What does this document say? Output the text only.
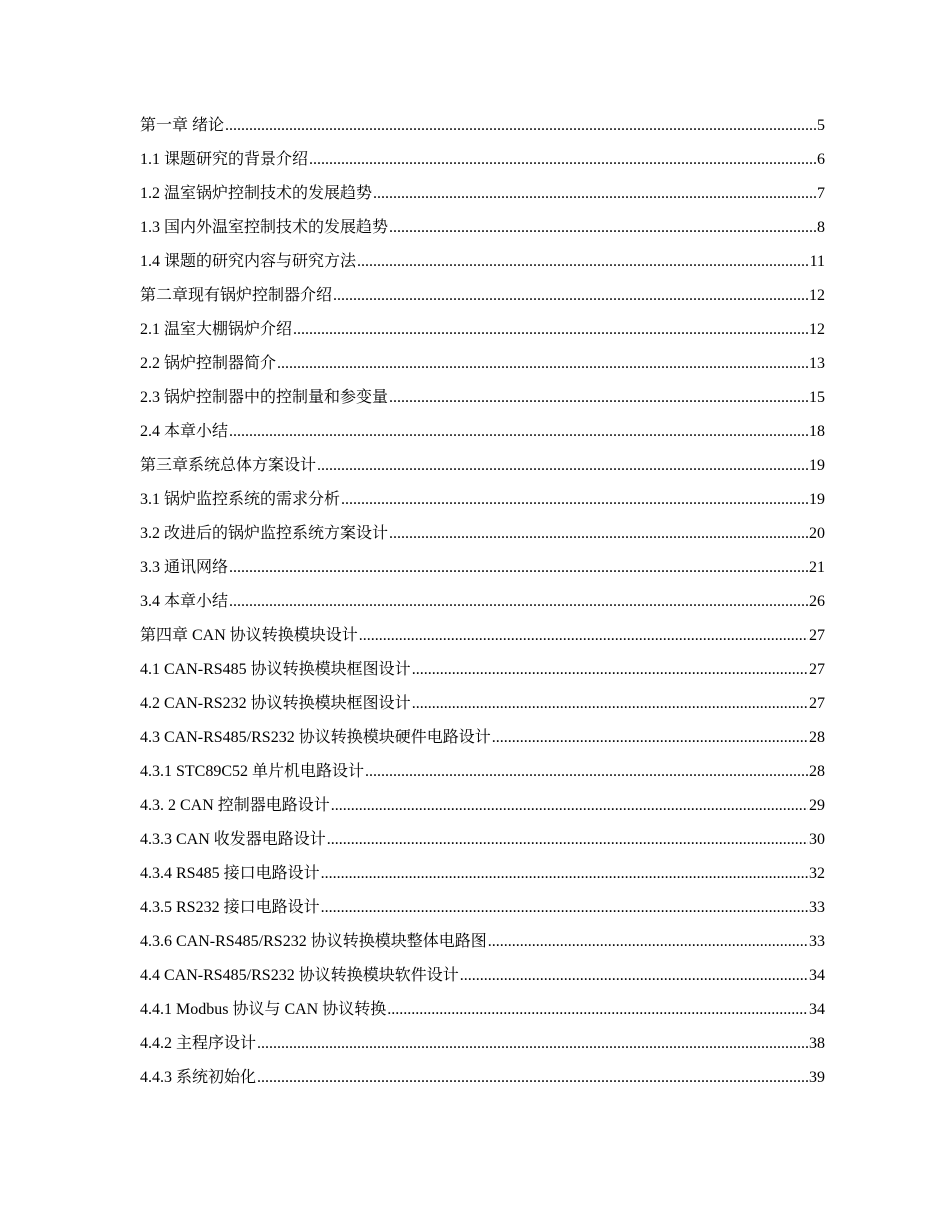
第一章 绪论 .....	5
1.1 课题研究的背景介绍 .....	6
1.2 温室锅炉控制技术的发展趋势 .....	7
1.3 国内外温室控制技术的发展趋势 .....	8
1.4 课题的研究内容与研究方法 .....	11
第二章现有锅炉控制器介绍 .....	12
2.1 温室大棚锅炉介绍 .....	12
2.2 锅炉控制器简介 .....	13
2.3 锅炉控制器中的控制量和参变量 .....	15
2.4 本章小结 .....	18
第三章系统总体方案设计 .....	19
3.1 锅炉监控系统的需求分析 .....	19
3.2 改进后的锅炉监控系统方案设计 .....	20
3.3 通讯网络 .....	21
3.4 本章小结 .....	26
第四章 CAN 协议转换模块设计 .....	27
4.1 CAN-RS485 协议转换模块框图设计 .....	27
4.2 CAN-RS232 协议转换模块框图设计 .....	27
4.3 CAN-RS485/RS232 协议转换模块硬件电路设计 .....	28
4.3.1 STC89C52 单片机电路设计 .....	28
4.3. 2 CAN 控制器电路设计 .....	29
4.3.3 CAN 收发器电路设计 .....	30
4.3.4 RS485 接口电路设计 .....	32
4.3.5 RS232 接口电路设计 .....	33
4.3.6 CAN-RS485/RS232 协议转换模块整体电路图 .....	33
4.4 CAN-RS485/RS232 协议转换模块软件设计 .....	34
4.4.1 Modbus 协议与 CAN 协议转换 .....	34
4.4.2 主程序设计 .....	38
4.4.3 系统初始化 .....	39
